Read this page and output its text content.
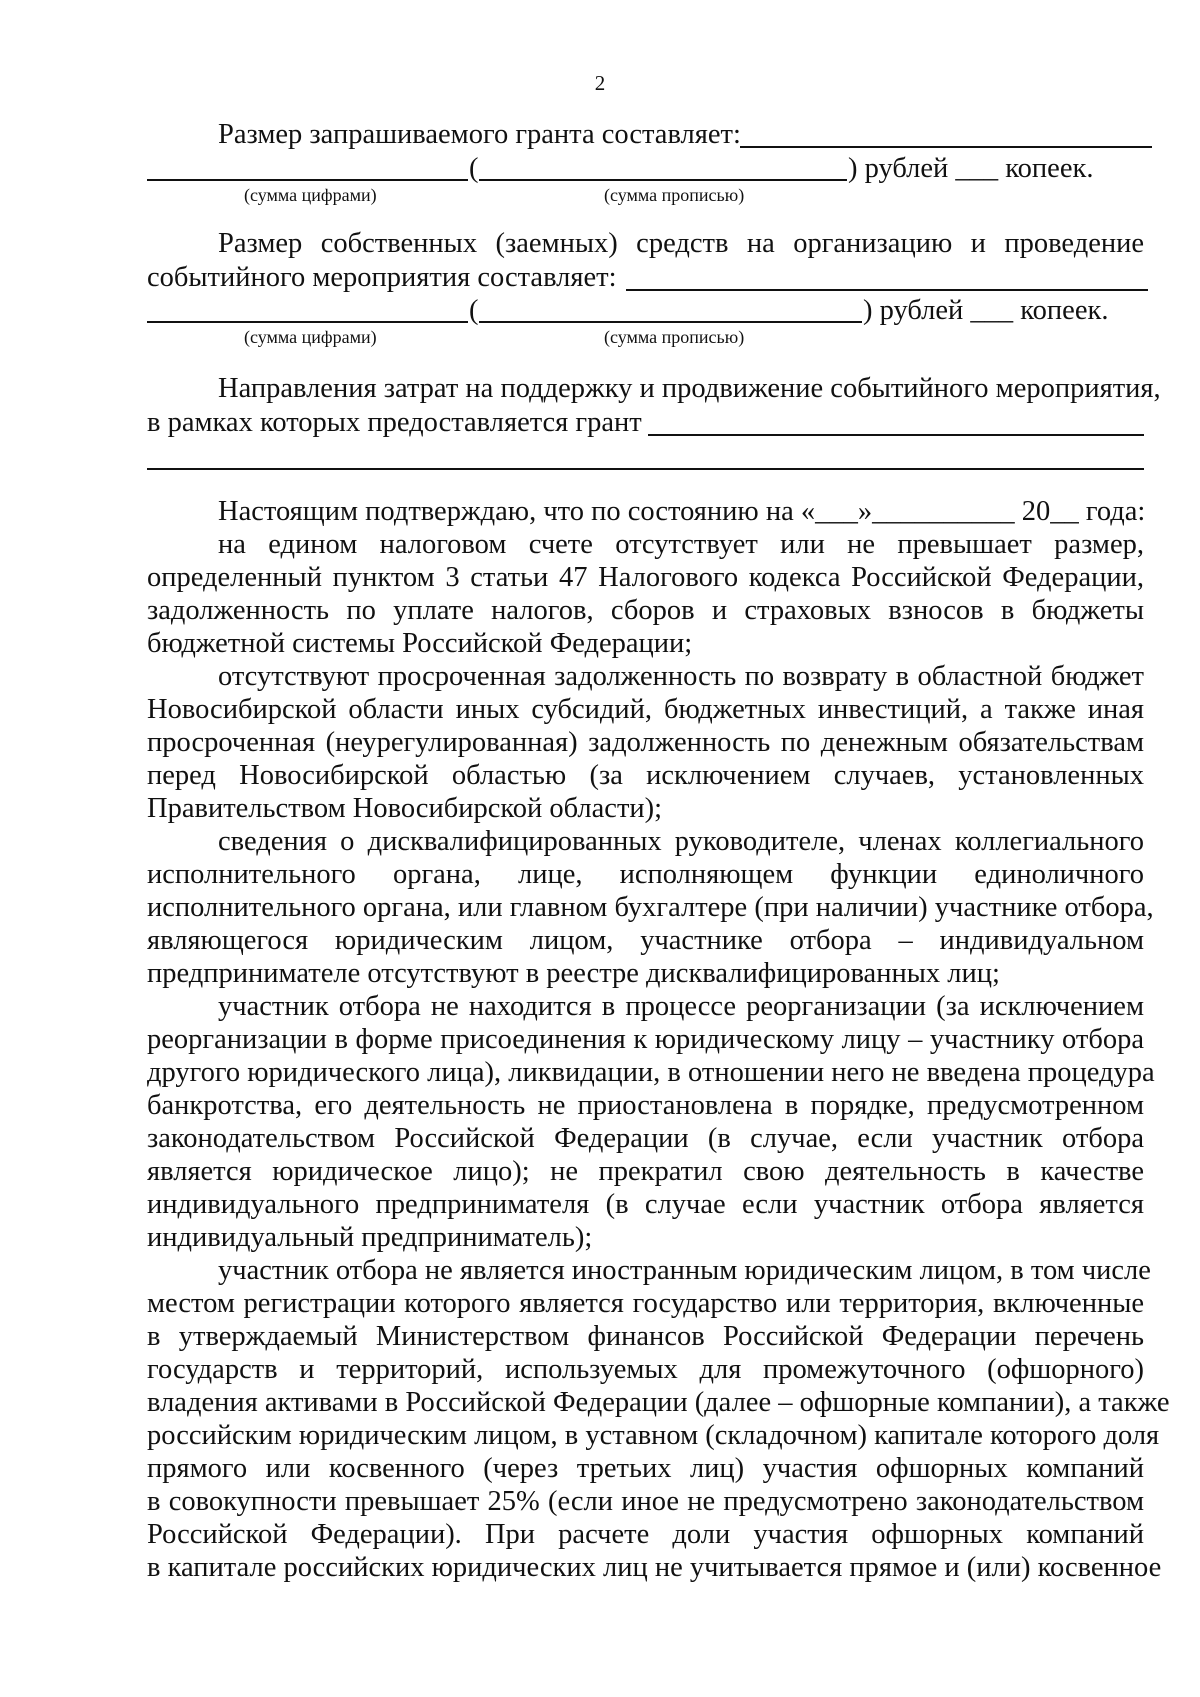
2
Размер запрашиваемого гранта составляет:
(	) рублей ___ копеек.
(сумма цифрами)	(сумма прописью)
Размер собственных (заемных) средств на организацию и проведение
событийного мероприятия составляет:
(	) рублей ___ копеек.
(сумма цифрами)	(сумма прописью)
Направления затрат на поддержку и продвижение событийного мероприятия,
в рамках которых предоставляется грант
Настоящим подтверждаю, что по состоянию на «___»__________ 20__ года:
на едином налоговом счете отсутствует или не превышает размер,
определенный пунктом 3 статьи 47 Налогового кодекса Российской Федерации,
задолженность по уплате налогов, сборов и страховых взносов в бюджеты
бюджетной системы Российской Федерации;
отсутствуют просроченная задолженность по возврату в областной бюджет
Новосибирской области иных субсидий, бюджетных инвестиций, а также иная
просроченная (неурегулированная) задолженность по денежным обязательствам
перед Новосибирской областью (за исключением случаев, установленных
Правительством Новосибирской области);
сведения о дисквалифицированных руководителе, членах коллегиального
исполнительного органа, лице, исполняющем функции единоличного
исполнительного органа, или главном бухгалтере (при наличии) участнике отбора,
являющегося юридическим лицом, участнике отбора – индивидуальном
предпринимателе отсутствуют в реестре дисквалифицированных лиц;
участник отбора не находится в процессе реорганизации (за исключением
реорганизации в форме присоединения к юридическому лицу – участнику отбора
другого юридического лица), ликвидации, в отношении него не введена процедура
банкротства, его деятельность не приостановлена в порядке, предусмотренном
законодательством Российской Федерации (в случае, если участник отбора
является юридическое лицо); не прекратил свою деятельность в качестве
индивидуального предпринимателя (в случае если участник отбора является
индивидуальный предприниматель);
участник отбора не является иностранным юридическим лицом, в том числе
местом регистрации которого является государство или территория, включенные
в утверждаемый Министерством финансов Российской Федерации перечень
государств и территорий, используемых для промежуточного (офшорного)
владения активами в Российской Федерации (далее – офшорные компании), а также
российским юридическим лицом, в уставном (складочном) капитале которого доля
прямого или косвенного (через третьих лиц) участия офшорных компаний
в совокупности превышает 25% (если иное не предусмотрено законодательством
Российской Федерации). При расчете доли участия офшорных компаний
в капитале российских юридических лиц не учитывается прямое и (или) косвенное
